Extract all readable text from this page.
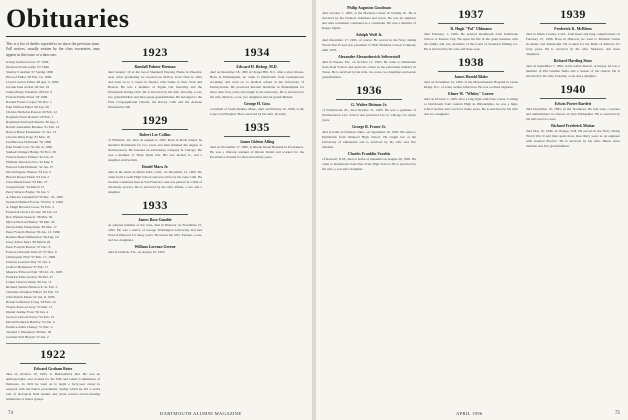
Obituaries

This is a list of deaths reported to us since the previous issue. Full notices, usually written by the class secretaries, may appear in this issue or a later one.

Irving Sanford Gross '27 1996

Norman Frank Gallie '27 1996

Stanley Coleman '27 Spring 1996

Elwood Fuller '28 Feb. 14, 1996

Lloyd Lawton Fuller '28 Apr. 5, 1996

Jerome Paul Jordan '28 Jan. 22

James Brady Whaman '28 Feb. 9

Francis Emile Triest '28 1996

Ronald Foster Cooper '29 Dec. 1

Paul Wilfred Fuller '29 Jan. 29

Charles Nicholas Pesson '29 Feb. 12

Reginald Trent Roberts '29 Feb. 1

Randolph Kurzweil Martin '30 Apr. 5

Robert Alexander Brenner '31 Feb. 14

Barron Bruce Fessenden '31 Jan. 13

Lincoln Riley Page '31 Mar. 18

Ian Burrows Hollander '32 1996

Paul Walter Carr '32 Jan. 6, 1996

Samuel Ottinger Bailey '32 Nov. 30

Francis Pennor Walker '32 Jan. 21

William Theodore Fox '32 Mar. 9

Edward John Hollister '32 Jan. 27

David Eugene Wanser '33 Jan. 2

Harold Dwyer Finch '33 Jan. 2

John Marsh Dean '33 Mar. 27

Joseph Petter '34 March 12

Perry Weston Fogler '34 Jan. 5

A. Herrera Leadenfeld '35 Dec. 25, 1995

Norman Hubbel Fowler '35 Feb. 3, 1996

A. Hugh Howard Gross '35 Feb. 3

Frederick Orvis LeConte '36 Jan. 24

Rex Wyman Spencer '36 Mar. 30

Myron Howard Bailey '36 Mar. 20

David Allan Wienerman '36 Mar. 17

Peter Forsyth Burton '36 Jan. 13, 1996

Reuben Hunt Williamson '36 Aug. 19

Jessy Albert Marr '36 March 29

Peter Forsyth Burton '37 Dec. 8

Francis Christian Walcott '37 Dec. 8

Christopher Holt '37 Mar. 17, 1996

Jackson Leverett Day '37 Jan. 4

Grafton Hollistern '37 Feb. 17

Maurice Ellwood Nutt '38 Oct. 21, 1995

Fredrick Ellis Gordon '39 Feb. 27

Lamar Clinton Vanns '39 Jan. 11

Richard Sabine Hitchcock '41 Feb. 3

Christine Worthen Wilber '42 Feb. 16

John Robert Dunn '42 Jan. 8, 1996

Robert Lefferson Troug '43 Feb. 24

Wayne Prescott Gray '45 Mar. 13

Daniel Justine Frost '50 Jan. 4

Gordon Lincoln Eaves '52 Feb. 15

David Frederick Hawley '54 Jan. 9

Prentice Allen Cheney '57 Dec. 4

Thomas J. Bennison '58 Dec. 30

Gardner Earl Bryant '72 Jan. 2

1922
Edward Graham Bates

died on October 19, 1995, at Haddonfield, Del. He was an anthropologist, and worked for the Fish and Game Commission of Delaware. In 1922 he went on to begin a forty-year career in research with the Dutch government, during which he did a world tour of biological field studies and wrote several award-winning summaries of insect groups.

1923
Randall Palmer Herman

died January 10 at the Good Shepherd Nursing Home in Phoenix, Ariz. After graduating, he received an M.B.A. from Tuck in 1924 and went on to a career in finance with banks in New York and Boston. He was a member of Sigma Chi fraternity and the Dartmouth Outing Club. He is survived by his wife, Dorothy, a son, two grandchildren and three great-grandchildren. He belonged to the First Congregational Church, the Rotary Club and the Arizona Dartmouth Club.

1929
Robert Lee Collins

of Wilmette, Ill., died on August 6, 1995. Born in Rock Island, he attended Dartmouth for two years and then finished his degree at Northwestern. He founded an advertising company in Chicago. He was a member of Theta Delta Chi. His son, Robert Jr., and a daughter survive him.

Daniel Mara Jr.

died at his home in Marin Park, Calif., on December 21, 1995. He came from Lowell High School and was active in the Glee Club. He became a business man in San Francisco and was partner in a firm of wholesale grocers. He is survived by his wife, Helen, a son and a daughter.

1933
James Rose Gamble

an adopted member of the class, died in Hanover on November 27, 1995. He was a native of George Washington University and had lived in Hanover for many years. He leaves his wife, Eleanor, a son, and two daughters.

William Lorenzo Greene

died in Orlando, Fla., on August 10, 1995.

1934
Edward H. Bishop, M.D.

died on December 18, 1995 at Chapel Hill, N.C. after a short illness. Born in Philadelphia, he came to Dartmouth from Germantown Academy and went on to medical school at the University of Pennsylvania. He practiced internal medicine in Philadelphia for more than forty years and taught at the university. He is survived by his wife, Marion, a son, two daughters and six grandchildren.

George H. Goss

a resident of South Dennis, Mass., died on February 10, 1996, at the Cape Cod Hospital. He is survived by his wife, Dorothy.

1935
James Gideon Alling

died on November 17, 1995, at Rhode Island Hospital in Providence. He was a lifelong resident of Rhode Island and worked for the Providence Journal for more than thirty years.

74	DARTMOUTH ALUMNI MAGAZINE
Philip Augustus Goodman

died October 7, 1995, at the Madison Center in Stirling, Ill. He is survived by his brothers, Kathleen and Jason. He was an engineer and after retirement continued as a consultant. He was a member of Kappa Sigma.

Adolph Wolf Jr.

died December 17, 1995, of cancer. He served in the Navy during World War II and was president of Wolf Brothers Cotton Company until 1978.

Alexander Alexandrovich Seliverstoff

died in Naples, Fla., on October 17, 1995. He came to Dartmouth from Kent School and spent his career in the petroleum industry in Texas. He is survived by his wife, two sons, two daughters and seven grandchildren.

1936
G. Walter Dittmar Jr.

of Northbrook, Ill., died October 31, 1995. He was a graduate of Northwestern Law School and practiced law in Chicago for many years.

George B. Fraser Jr.

died at home in Norman, Okla., on September 19, 1995. He came to Dartmouth from Westport High School. He taught law at the University of Oklahoma and is survived by his wife and five children.

Charles Franklin Voorhis

of Roswell, N.M., died at home of leukemia on August 20, 1995. He came to Dartmouth from New Trier High School. He is survived by his wife, a son and a daughter.

1937
R. Hugh "Pal" Uhlmann

died February 1, 1996. He entered Dartmouth from Pembroke School of Kansas City. He spent his life in the grain business with his family and was chairman of the board of Standard Milling Co. He is survived by his wife and three sons.

1938
James Harold Blake

died on November 22, 1995, at the Massachusetts Hospital in Glens Ridge, N.J., of acute cardiac infarction. He was a retired engineer.

Elmer W. "Whitey" Leaver

died on October 7, 1995, after a long fight with bone cancer. Coming to Dartmouth from Central High in Philadelphia, he was a high-school teacher and coach for many years. He is survived by his wife and two daughters.

1939
Frederick K. McBlenn

died in Marin County, Calif., from heart and lung complications on February 27, 1996. Born in Hanover, he went to Kimball Union Academy and Dartmouth. He worked for the Bank of America for forty years. He is survived by his wife, Marjorie, and three daughters.

Richard Harding Shaw

died on September 7, 1995, in his native Detroit. A lawyer, he was a member of Phi Gamma Delta and a trustee of his church. He is survived by his wife, Dorothy, a son and a daughter.

1940
Edwin Porter Bartlett

died December 10, 1995, in the Northeast. He had been a teacher and administrator in schools in New Hampshire. He is survived by his wife and two sons.

Richard Frederick Mattar

died May 16, 1996, in Orange, N.H. He served in the Navy during World War II and then spent more than thirty years as an engineer with General Electric. He is survived by his wife, Helen, three children and five grandchildren.

APRIL 1996	75
